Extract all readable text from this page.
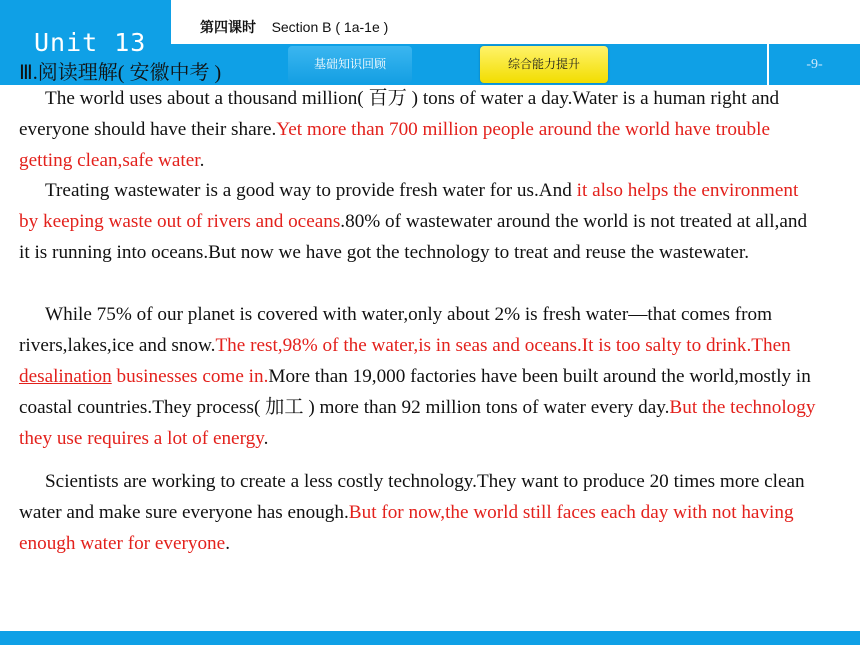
Unit 13
第四课时 Section B ( 1a-1e )
基础知识回顾	综合能力提升	-9-
Ⅲ.阅读理解( 安徽中考 )
The world uses about a thousand million( 百万 ) tons of water a day.Water is a human right and everyone should have their share.Yet more than 700 million people around the world have trouble getting clean,safe water.
Treating wastewater is a good way to provide fresh water for us.And it also helps the environment by keeping waste out of rivers and oceans.80% of wastewater around the world is not treated at all,and it is running into oceans.But now we have got the technology to treat and reuse the wastewater.
While 75% of our planet is covered with water,only about 2% is fresh water—that comes from rivers,lakes,ice and snow.The rest,98% of the water,is in seas and oceans.It is too salty to drink.Then desalination businesses come in.More than 19,000 factories have been built around the world,mostly in coastal countries.They process( 加工 ) more than 92 million tons of water every day.But the technology they use requires a lot of energy.
Scientists are working to create a less costly technology.They want to produce 20 times more clean water and make sure everyone has enough.But for now,the world still faces each day with not having enough water for everyone.
